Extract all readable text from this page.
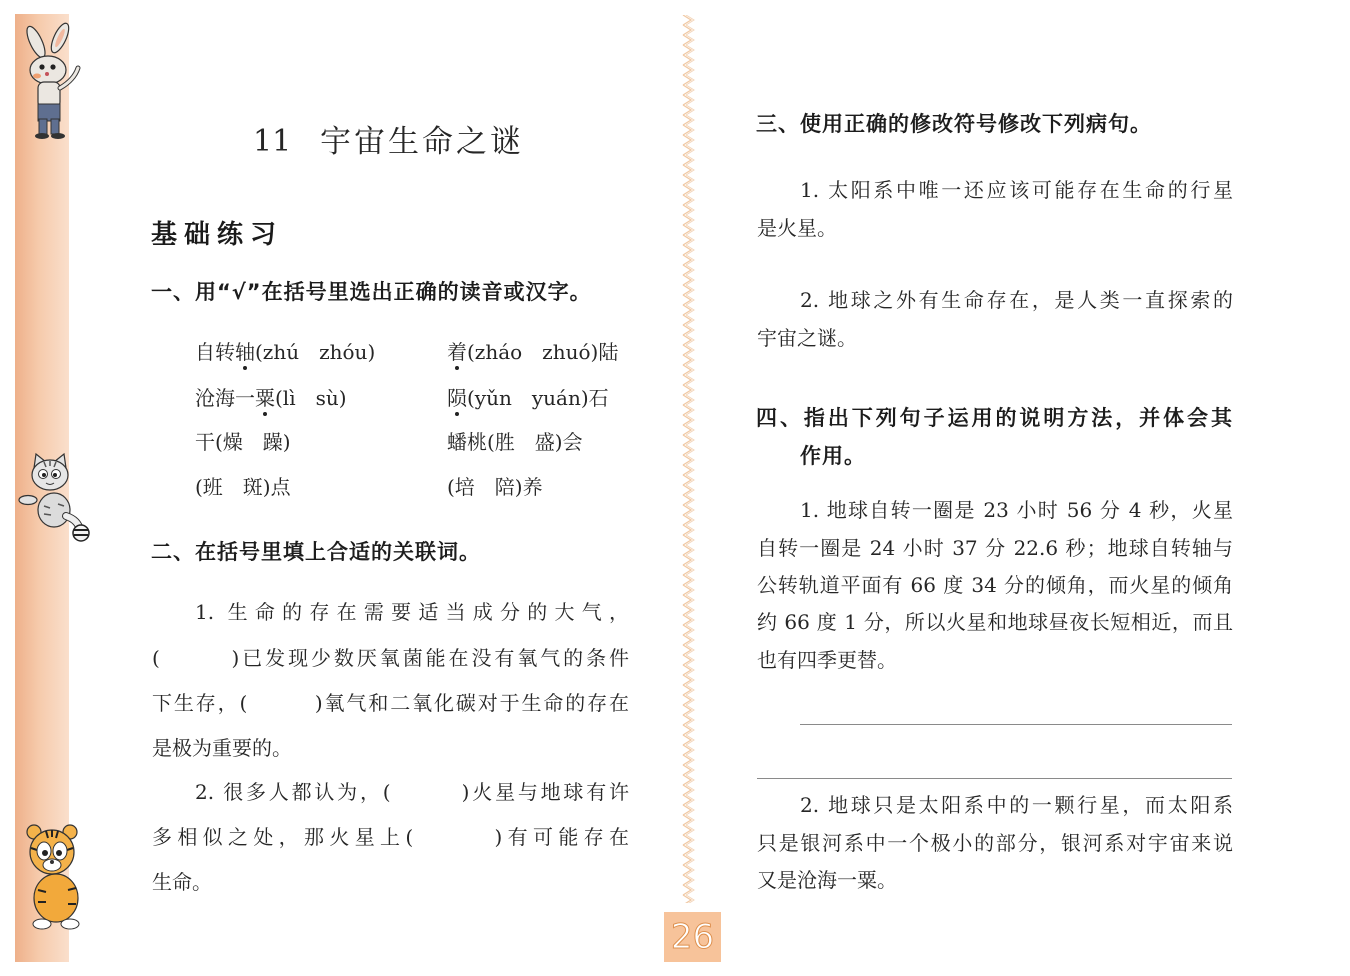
11 宇宙生命之谜
基础练习
一、用“√”在括号里选出正确的读音或汉字。
自转轴(zhú　zhóu)	着(zháo　zhuó)陆
沧海一粟(lì　sù)	陨(yǔn　yuán)石
干(燥　躁)	蟠桃(胜　盛)会
(班　斑)点	(培　陪)养
二、在括号里填上合适的关联词。
1. 生命的存在需要适当成分的大气，
(　　　)已发现少数厌氧菌能在没有氧气的条件
下生存，(　　　)氧气和二氧化碳对于生命的存在
是极为重要的。
2. 很多人都认为，(　　　)火星与地球有许
多相似之处，那火星上(　　　)有可能存在
生命。
三、使用正确的修改符号修改下列病句。
1. 太阳系中唯一还应该可能存在生命的行星
是火星。
2. 地球之外有生命存在，是人类一直探索的
宇宙之谜。
四、指出下列句子运用的说明方法，并体会其
作用。
1. 地球自转一圈是 23 小时 56 分 4 秒，火星
自转一圈是 24 小时 37 分 22.6 秒；地球自转轴与
公转轨道平面有 66 度 34 分的倾角，而火星的倾角
约 66 度 1 分，所以火星和地球昼夜长短相近，而且
也有四季更替。
2. 地球只是太阳系中的一颗行星，而太阳系
只是银河系中一个极小的部分，银河系对宇宙来说
又是沧海一粟。
26
